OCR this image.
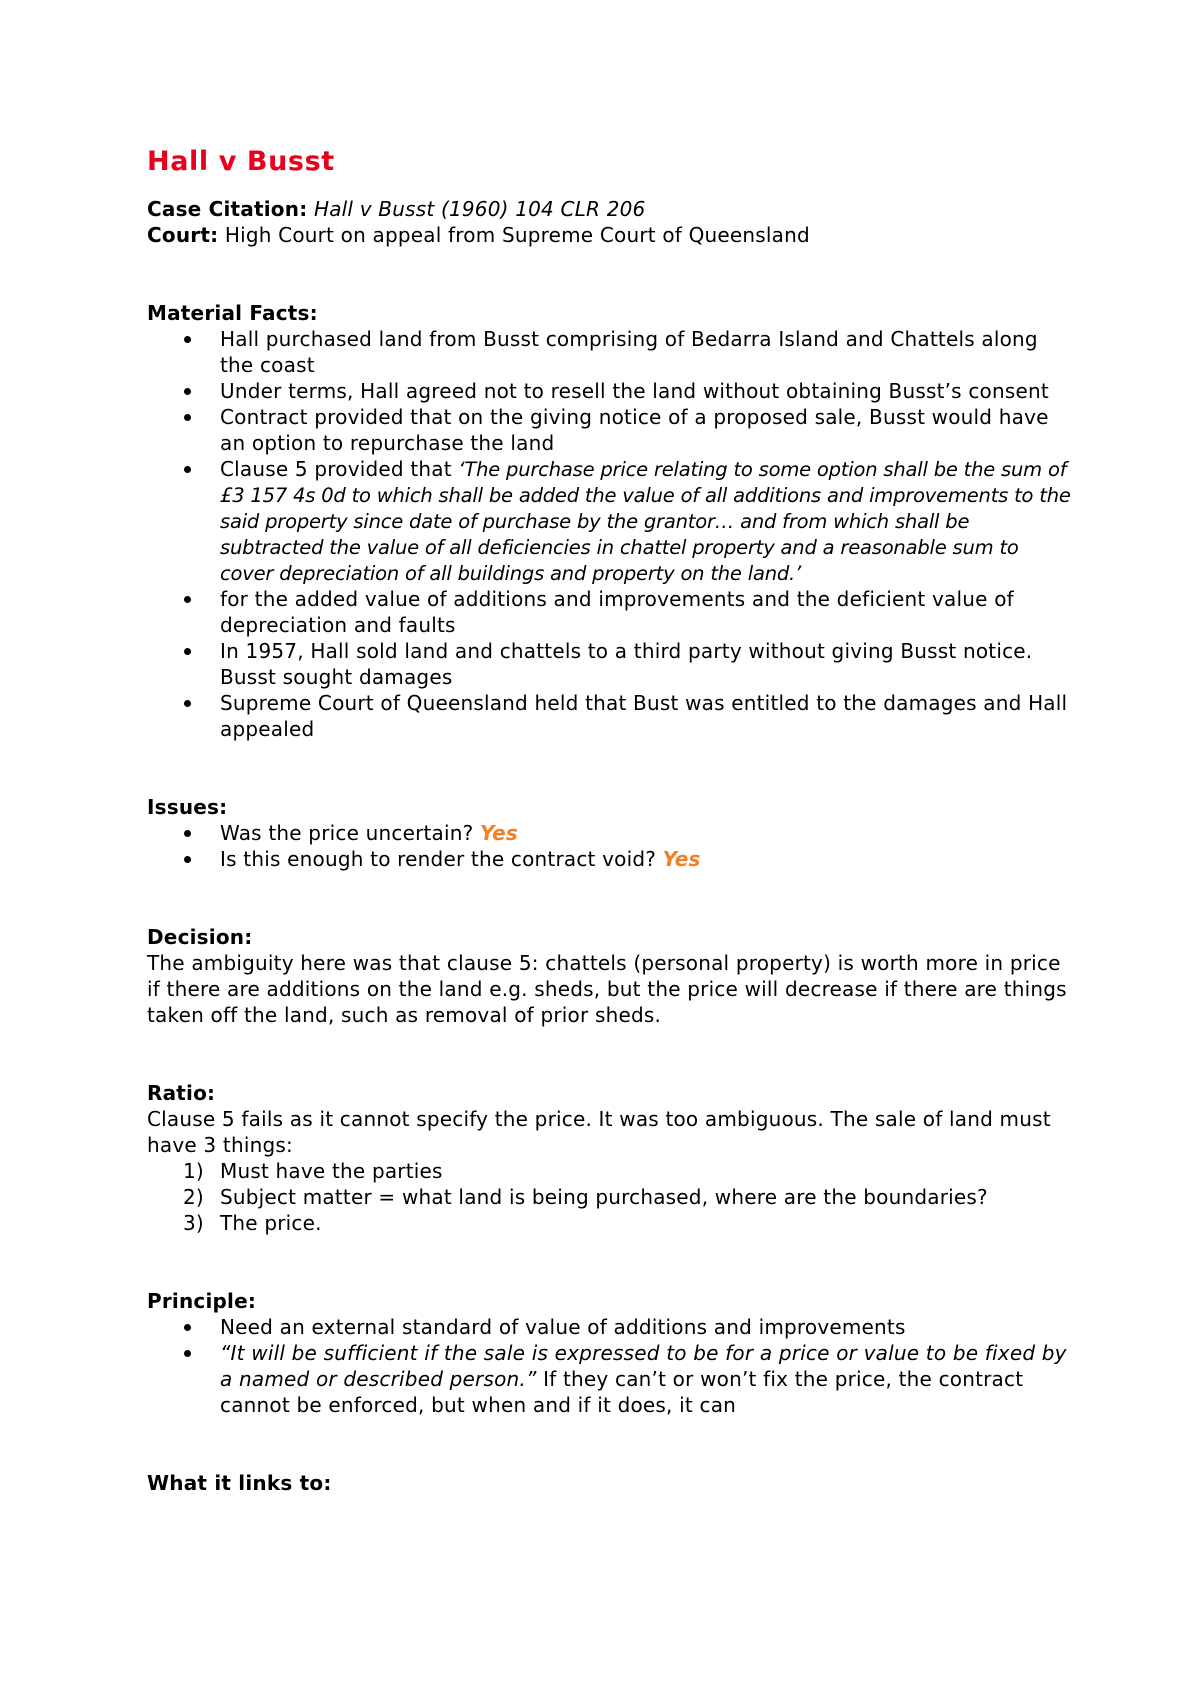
Hall v Busst

Case Citation: Hall v Busst (1960) 104 CLR 206

Court: High Court on appeal from Supreme Court of Queensland

Material Facts:

Hall purchased land from Busst comprising of Bedarra Island and Chattels along the coast
Under terms, Hall agreed not to resell the land without obtaining Busst’s consent
Contract provided that on the giving notice of a proposed sale, Busst would have an option to repurchase the land
Clause 5 provided that ‘The purchase price relating to some option shall be the sum of £3 157 4s 0d to which shall be added the value of all additions and improvements to the said property since date of purchase by the grantor… and from which shall be subtracted the value of all deficiencies in chattel property and a reasonable sum to cover depreciation of all buildings and property on the land.’
for the added value of additions and improvements and the deficient value of depreciation and faults
In 1957, Hall sold land and chattels to a third party without giving Busst notice. Busst sought damages
Supreme Court of Queensland held that Bust was entitled to the damages and Hall appealed

Issues:

Was the price uncertain? Yes
Is this enough to render the contract void? Yes

Decision:

The ambiguity here was that clause 5: chattels (personal property) is worth more in price if there are additions on the land e.g. sheds, but the price will decrease if there are things taken off the land, such as removal of prior sheds.

Ratio:

Clause 5 fails as it cannot specify the price. It was too ambiguous. The sale of land must have 3 things:

1) Must have the parties
2) Subject matter = what land is being purchased, where are the boundaries?
3) The price.

Principle:

Need an external standard of value of additions and improvements
“It will be sufficient if the sale is expressed to be for a price or value to be fixed by a named or described person.” If they can’t or won’t fix the price, the contract cannot be enforced, but when and if it does, it can

What it links to:
